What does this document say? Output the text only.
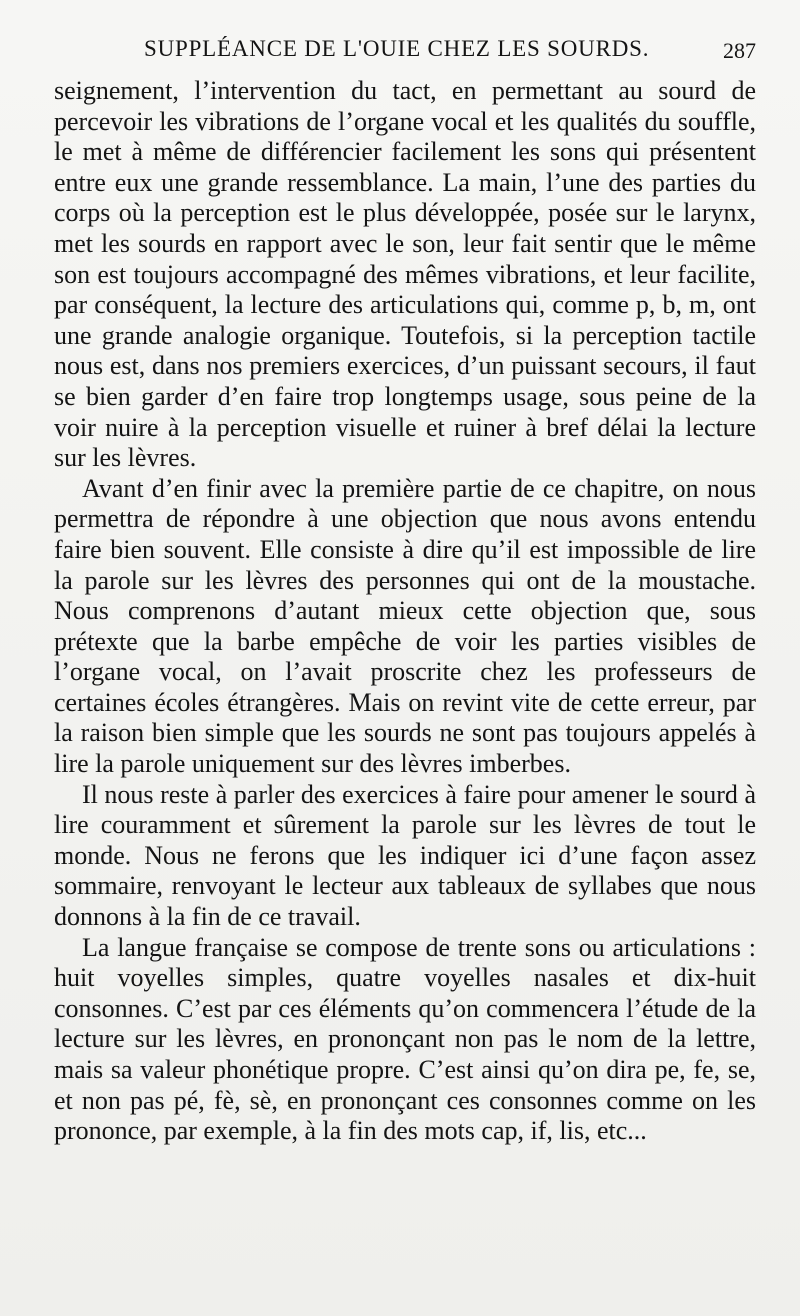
SUPPLÉANCE DE L'OUIE CHEZ LES SOURDS.	287

seignement, l’intervention du tact, en permettant au sourd de percevoir les vibrations de l’organe vocal et les qualités du souffle, le met à même de différencier facilement les sons qui présentent entre eux une grande ressemblance. La main, l’une des parties du corps où la perception est le plus développée, posée sur le larynx, met les sourds en rapport avec le son, leur fait sentir que le même son est toujours accompagné des mêmes vibrations, et leur facilite, par conséquent, la lecture des articulations qui, comme p, b, m, ont une grande analogie organique. Toutefois, si la perception tactile nous est, dans nos premiers exercices, d’un puissant secours, il faut se bien garder d’en faire trop longtemps usage, sous peine de la voir nuire à la perception visuelle et ruiner à bref délai la lecture sur les lèvres.

Avant d’en finir avec la première partie de ce chapitre, on nous permettra de répondre à une objection que nous avons entendu faire bien souvent. Elle consiste à dire qu’il est impossible de lire la parole sur les lèvres des personnes qui ont de la moustache. Nous comprenons d’autant mieux cette objection que, sous prétexte que la barbe empêche de voir les parties visibles de l’organe vocal, on l’avait proscrite chez les professeurs de certaines écoles étrangères. Mais on revint vite de cette erreur, par la raison bien simple que les sourds ne sont pas toujours appelés à lire la parole uniquement sur des lèvres imberbes.

Il nous reste à parler des exercices à faire pour amener le sourd à lire couramment et sûrement la parole sur les lèvres de tout le monde. Nous ne ferons que les indiquer ici d’une façon assez sommaire, renvoyant le lecteur aux tableaux de syllabes que nous donnons à la fin de ce travail.

La langue française se compose de trente sons ou articulations : huit voyelles simples, quatre voyelles nasales et dix-huit consonnes. C’est par ces éléments qu’on commencera l’étude de la lecture sur les lèvres, en prononçant non pas le nom de la lettre, mais sa valeur phonétique propre. C’est ainsi qu’on dira pe, fe, se, et non pas pé, fè, sè, en prononçant ces consonnes comme on les prononce, par exemple, à la fin des mots cap, if, lis, etc...
